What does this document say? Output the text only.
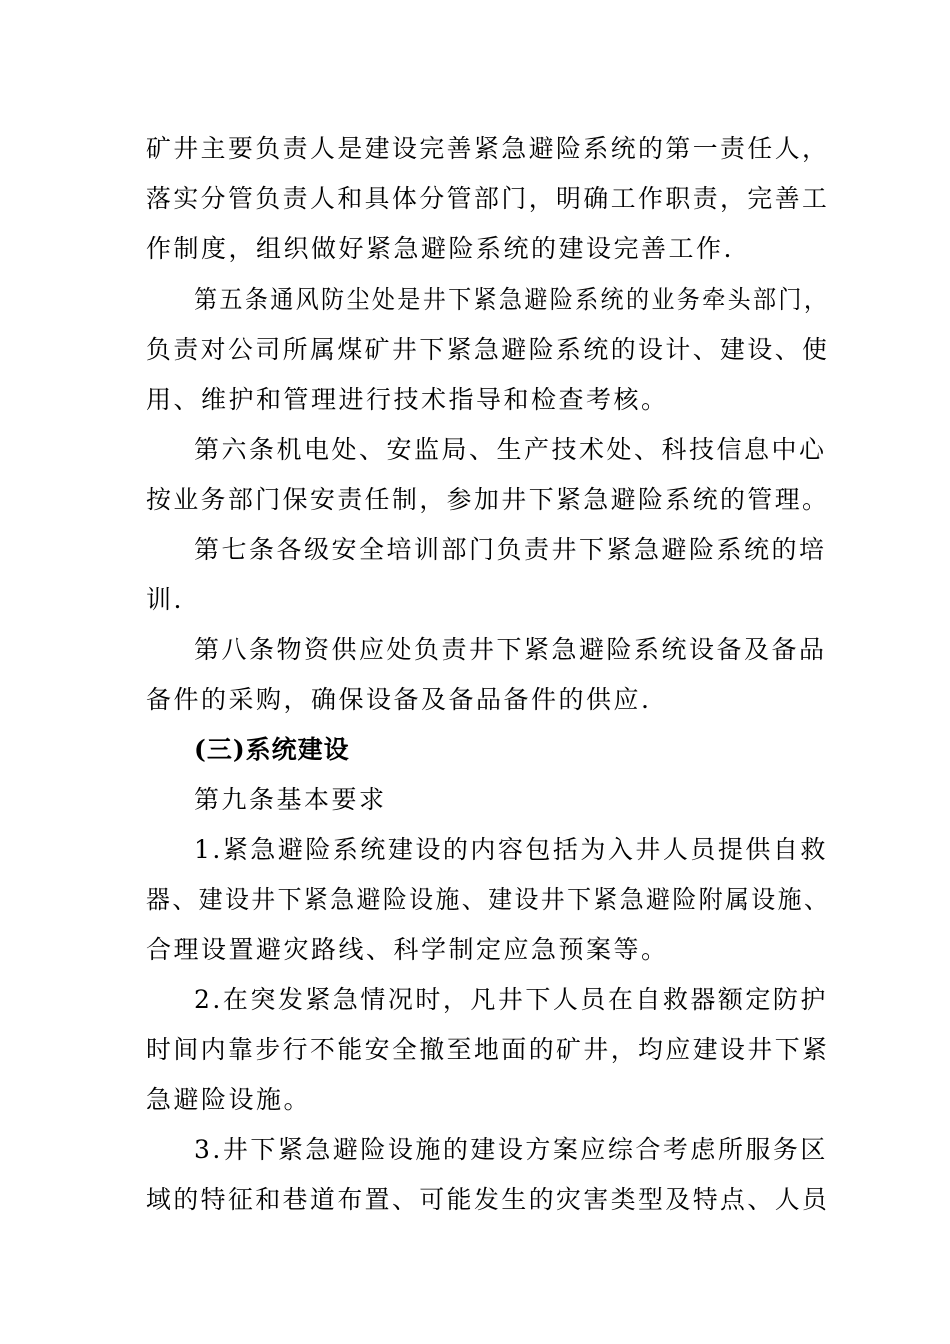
矿井主要负责人是建设完善紧急避险系统的第一责任人，
落实分管负责人和具体分管部门，明确工作职责，完善工
作制度，组织做好紧急避险系统的建设完善工作.
第五条通风防尘处是井下紧急避险系统的业务牵头部门，
负责对公司所属煤矿井下紧急避险系统的设计、建设、使
用、维护和管理进行技术指导和检查考核。
第六条机电处、安监局、生产技术处、科技信息中心
按业务部门保安责任制，参加井下紧急避险系统的管理。
第七条各级安全培训部门负责井下紧急避险系统的培
训.
第八条物资供应处负责井下紧急避险系统设备及备品
备件的采购，确保设备及备品备件的供应.
(三)系统建设
第九条基本要求
1.紧急避险系统建设的内容包括为入井人员提供自救
器、建设井下紧急避险设施、建设井下紧急避险附属设施、
合理设置避灾路线、科学制定应急预案等。
2.在突发紧急情况时，凡井下人员在自救器额定防护
时间内靠步行不能安全撤至地面的矿井，均应建设井下紧
急避险设施。
3.井下紧急避险设施的建设方案应综合考虑所服务区
域的特征和巷道布置、可能发生的灾害类型及特点、人员
